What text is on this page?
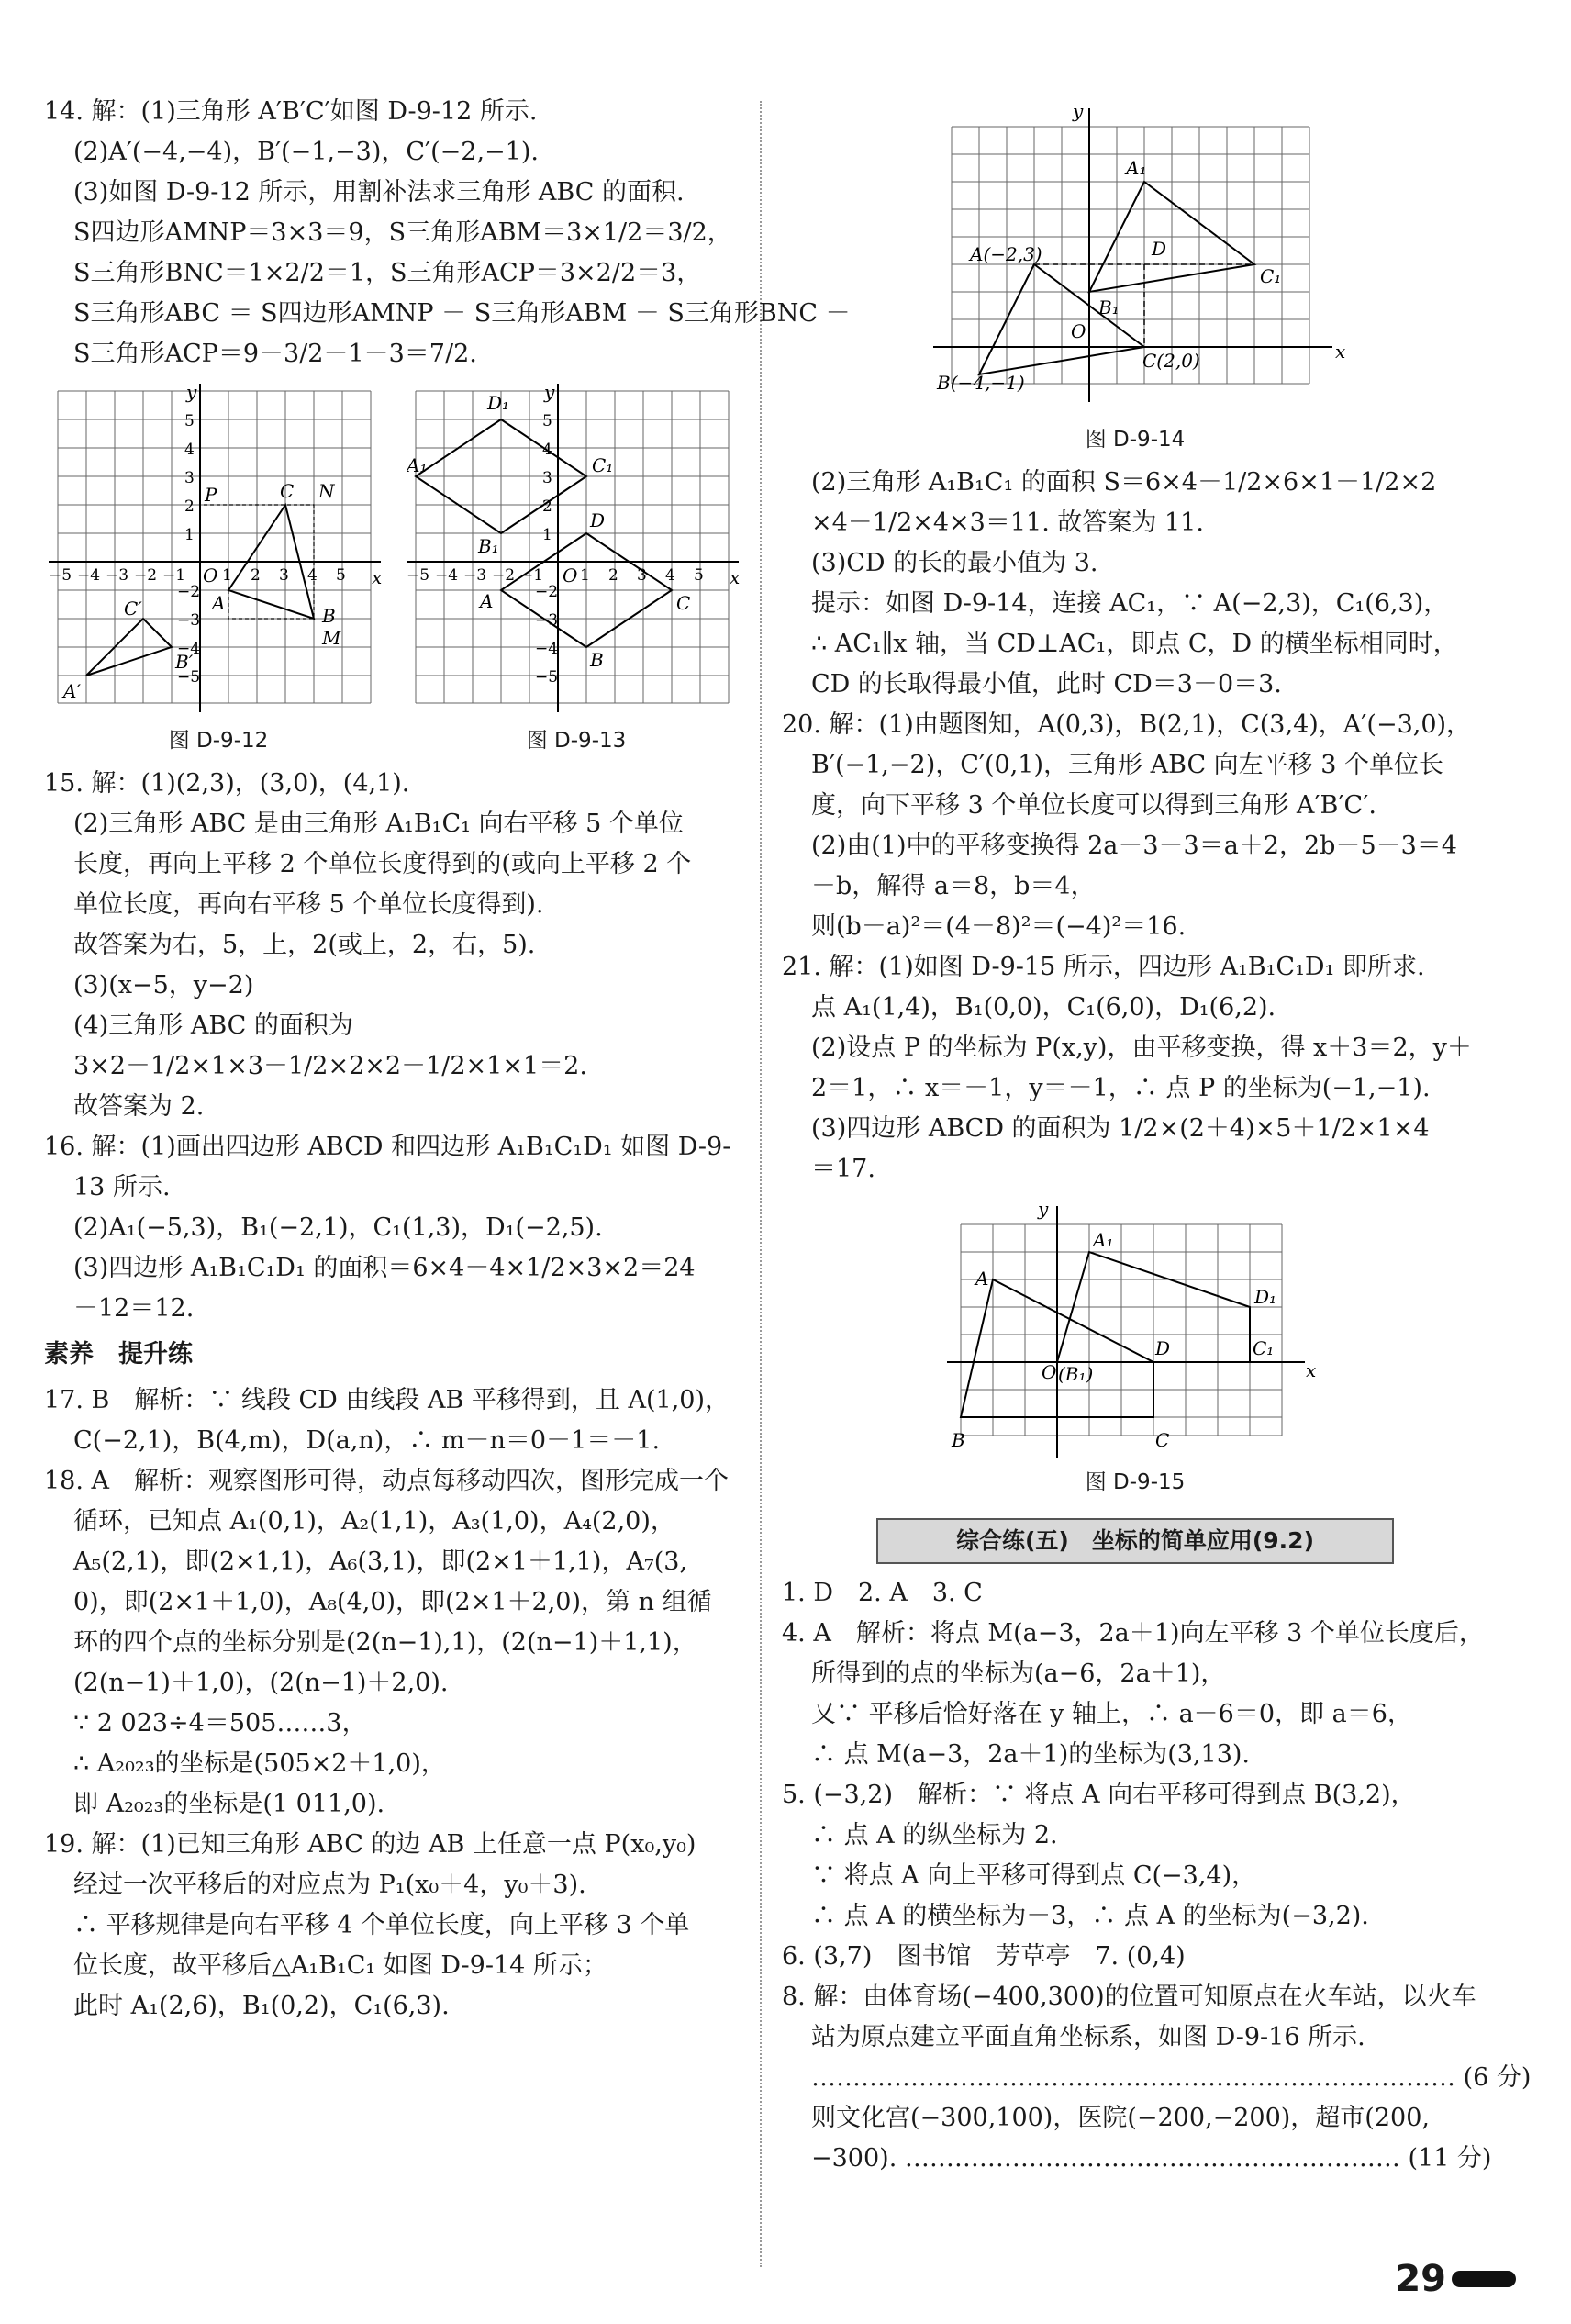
14. 解：(1)三角形 A′B′C′如图 D-9-12 所示.

(2)A′(−4,−4)，B′(−1,−3)，C′(−2,−1).

(3)如图 D-9-12 所示，用割补法求三角形 ABC 的面积.

S四边形AMNP＝3×3＝9，S三角形ABM＝3×1/2＝3/2，

S三角形BNC＝1×2/2＝1，S三角形ACP＝3×2/2＝3，

S三角形ABC ＝ S四边形AMNP － S三角形ABM － S三角形BNC －

S三角形ACP＝9－3/2－1－3＝7/2.

A
B
C
M
N
P
A′
B′
C′
O	x
y
1 2 3 4 5
−5 −4 −3 −2 −1
5
4
3
2
1
−2
−3
−4
−5
图 D-9-12
A
B
C
D
A₁
B₁
C₁
D₁
O	x
y
1 2 3 4 5
−5 −4 −3 −2 −1
5
4
3
2
1
−2
−3
−4
−5
图 D-9-13

15. 解：(1)(2,3)，(3,0)，(4,1).

(2)三角形 ABC 是由三角形 A₁B₁C₁ 向右平移 5 个单位

长度，再向上平移 2 个单位长度得到的(或向上平移 2 个

单位长度，再向右平移 5 个单位长度得到).

故答案为右，5，上，2(或上，2，右，5).

(3)(x−5，y−2)

(4)三角形 ABC 的面积为

3×2－1/2×1×3－1/2×2×2－1/2×1×1＝2.

故答案为 2.

16. 解：(1)画出四边形 ABCD 和四边形 A₁B₁C₁D₁ 如图 D-9-

13 所示.

(2)A₁(−5,3)，B₁(−2,1)，C₁(1,3)，D₁(−2,5).

(3)四边形 A₁B₁C₁D₁ 的面积＝6×4－4×1/2×3×2＝24

－12＝12.

素养　提升练

17. B　解析：∵ 线段 CD 由线段 AB 平移得到，且 A(1,0)，

C(−2,1)，B(4,m)，D(a,n)，∴ m－n＝0－1＝－1.

18. A　解析：观察图形可得，动点每移动四次，图形完成一个

循环，已知点 A₁(0,1)，A₂(1,1)，A₃(1,0)，A₄(2,0)，

A₅(2,1)，即(2×1,1)，A₆(3,1)，即(2×1＋1,1)，A₇(3,

0)，即(2×1＋1,0)，A₈(4,0)，即(2×1＋2,0)，第 n 组循

环的四个点的坐标分别是(2(n−1),1)，(2(n−1)＋1,1)，

(2(n−1)＋1,0)，(2(n−1)＋2,0).

∵ 2 023÷4＝505……3，

∴ A₂₀₂₃的坐标是(505×2＋1,0)，

即 A₂₀₂₃的坐标是(1 011,0).

19. 解：(1)已知三角形 ABC 的边 AB 上任意一点 P(x₀,y₀)

经过一次平移后的对应点为 P₁(x₀＋4，y₀＋3).

∴ 平移规律是向右平移 4 个单位长度，向上平移 3 个单

位长度，故平移后△A₁B₁C₁ 如图 D-9-14 所示；

此时 A₁(2,6)，B₁(0,2)，C₁(6,3).

A(−2,3)
B(−4,−1)
C(2,0)
D
A₁
B₁
C₁
O
x
y
图 D-9-14

(2)三角形 A₁B₁C₁ 的面积 S＝6×4－1/2×6×1－1/2×2

×4－1/2×4×3＝11. 故答案为 11.

(3)CD 的长的最小值为 3.

提示：如图 D-9-14，连接 AC₁，∵ A(−2,3)，C₁(6,3)，

∴ AC₁∥x 轴，当 CD⊥AC₁，即点 C，D 的横坐标相同时，

CD 的长取得最小值，此时 CD＝3－0＝3.

20. 解：(1)由题图知，A(0,3)，B(2,1)，C(3,4)，A′(−3,0)，

B′(−1,−2)，C′(0,1)，三角形 ABC 向左平移 3 个单位长

度，向下平移 3 个单位长度可以得到三角形 A′B′C′.

(2)由(1)中的平移变换得 2a－3－3＝a＋2，2b－5－3＝4

－b，解得 a＝8，b＝4，

则(b－a)²＝(4－8)²＝(−4)²＝16.

21. 解：(1)如图 D-9-15 所示，四边形 A₁B₁C₁D₁ 即所求.

点 A₁(1,4)，B₁(0,0)，C₁(6,0)，D₁(6,2).

(2)设点 P 的坐标为 P(x,y)，由平移变换，得 x＋3＝2，y＋

2＝1，∴ x＝－1，y＝－1，∴ 点 P 的坐标为(−1,−1).

(3)四边形 ABCD 的面积为 1/2×(2＋4)×5＋1/2×1×4

＝17.

A
B	C
D
A₁
(B₁)
C₁
D₁
O	x
y
图 D-9-15
综合练(五)　坐标的简单应用(9.2)

1. D　2. A　3. C

4. A　解析：将点 M(a−3，2a＋1)向左平移 3 个单位长度后，

所得到的点的坐标为(a−6，2a＋1)，

又∵ 平移后恰好落在 y 轴上，∴ a－6＝0，即 a＝6，

∴ 点 M(a−3，2a＋1)的坐标为(3,13).

5. (−3,2)　解析：∵ 将点 A 向右平移可得到点 B(3,2)，

∴ 点 A 的纵坐标为 2.

∵ 将点 A 向上平移可得到点 C(−3,4)，

∴ 点 A 的横坐标为－3，∴ 点 A 的坐标为(−3,2).

6. (3,7)　图书馆　芳草亭　7. (0,4)

8. 解：由体育场(−400,300)的位置可知原点在火车站，以火车

站为原点建立平面直角坐标系，如图 D-9-16 所示.

…………………………………………………………………… (6 分)

则文化宫(−300,100)，医院(−200,−200)，超市(200,

−300). …………………………………………………… (11 分)

29
